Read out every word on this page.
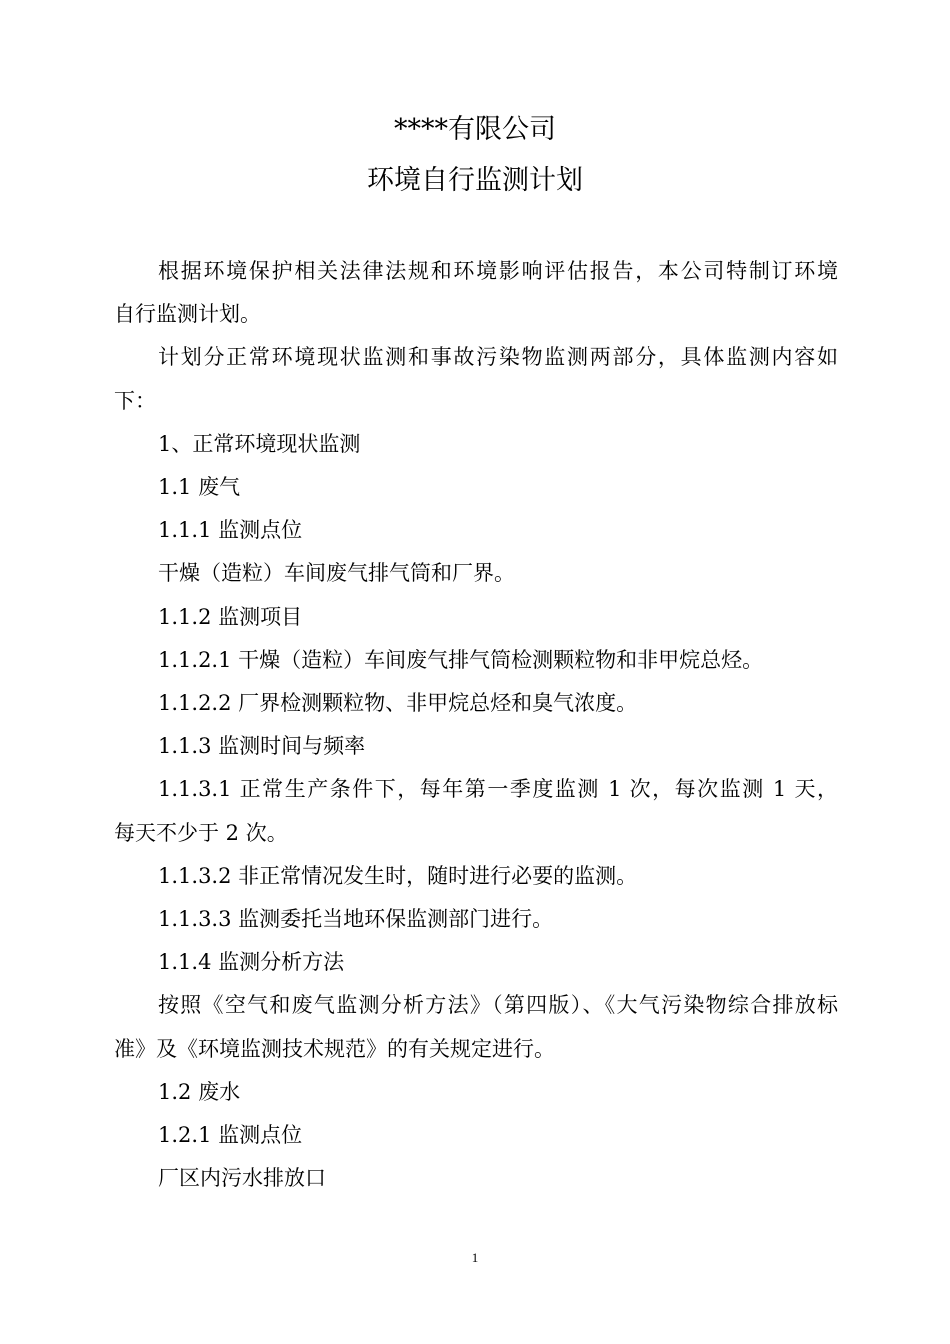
****有限公司
环境自行监测计划

根据环境保护相关法律法规和环境影响评估报告，本公司特制订环境

自行监测计划。

计划分正常环境现状监测和事故污染物监测两部分，具体监测内容如

下：

1、正常环境现状监测

1.1 废气

1.1.1 监测点位

干燥（造粒）车间废气排气筒和厂界。

1.1.2 监测项目

1.1.2.1 干燥（造粒）车间废气排气筒检测颗粒物和非甲烷总烃。

1.1.2.2 厂界检测颗粒物、非甲烷总烃和臭气浓度。

1.1.3 监测时间与频率

1.1.3.1 正常生产条件下，每年第一季度监测 1 次，每次监测 1 天，

每天不少于 2 次。

1.1.3.2 非正常情况发生时，随时进行必要的监测。

1.1.3.3 监测委托当地环保监测部门进行。

1.1.4 监测分析方法

按照《空气和废气监测分析方法》（第四版）、《大气污染物综合排放标

准》及《环境监测技术规范》的有关规定进行。

1.2 废水

1.2.1 监测点位

厂区内污水排放口

1
